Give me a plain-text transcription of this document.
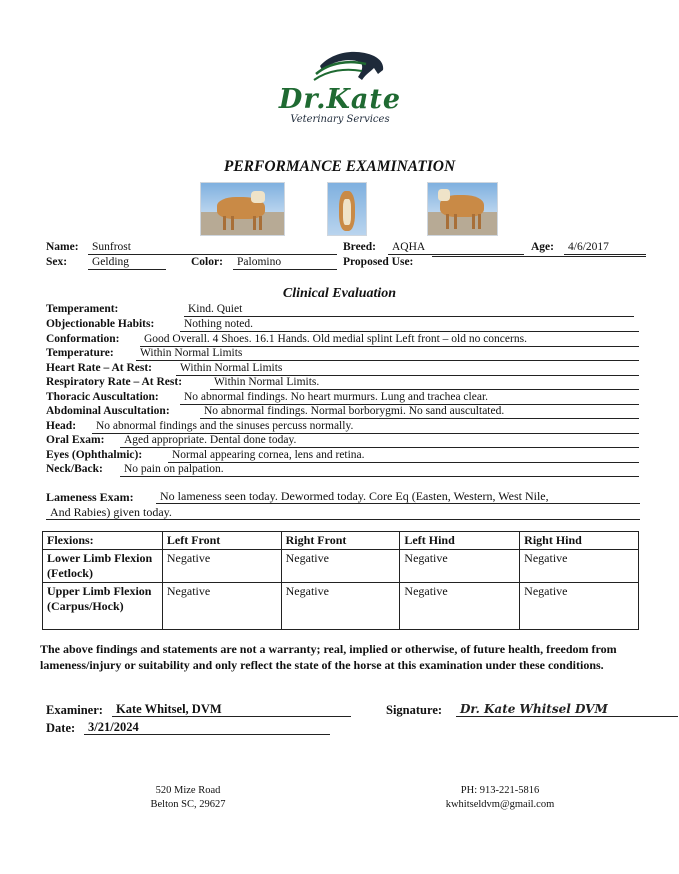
Dr.Kate
Veterinary Services
PERFORMANCE EXAMINATION
Name:	Sunfrost	Breed:	AQHA	Age:	4/6/2017
Sex:	Gelding	Color:	Palomino	Proposed Use:
Clinical Evaluation
Temperament:	Kind. Quiet
Objectionable Habits:	Nothing noted.
Conformation:	Good Overall. 4 Shoes. 16.1 Hands. Old medial splint Left front – old no concerns.
Temperature:	Within Normal Limits
Heart Rate – At Rest:	Within Normal Limits
Respiratory Rate – At Rest:	Within Normal Limits.
Thoracic Auscultation:	No abnormal findings. No heart murmurs. Lung and trachea clear.
Abdominal Auscultation:	No abnormal findings. Normal borborygmi. No sand auscultated.
Head:	No abnormal findings and the sinuses percuss normally.
Oral Exam:	Aged appropriate. Dental done today.
Eyes (Ophthalmic):	Normal appearing cornea, lens and retina.
Neck/Back:	No pain on palpation.
Lameness Exam:	No lameness seen today. Dewormed today. Core Eq (Easten, Western, West Nile,
And Rabies) given today.
Flexions:	Left Front	Right Front	Left Hind	Right Hind
Lower Limb Flexion (Fetlock)	Negative	Negative	Negative	Negative
Upper Limb Flexion (Carpus/Hock)	Negative	Negative	Negative	Negative
The above findings and statements are not a warranty; real, implied or otherwise, of future health, freedom from lameness/injury or suitability and only reflect the state of the horse at this examination under these conditions.
Examiner:	Kate Whitsel, DVM	Signature:	Dr. Kate Whitsel DVM
Date:	3/21/2024
520 Mize Road
Belton SC, 29627
PH: 913-221-5816
kwhitseldvm@gmail.com
